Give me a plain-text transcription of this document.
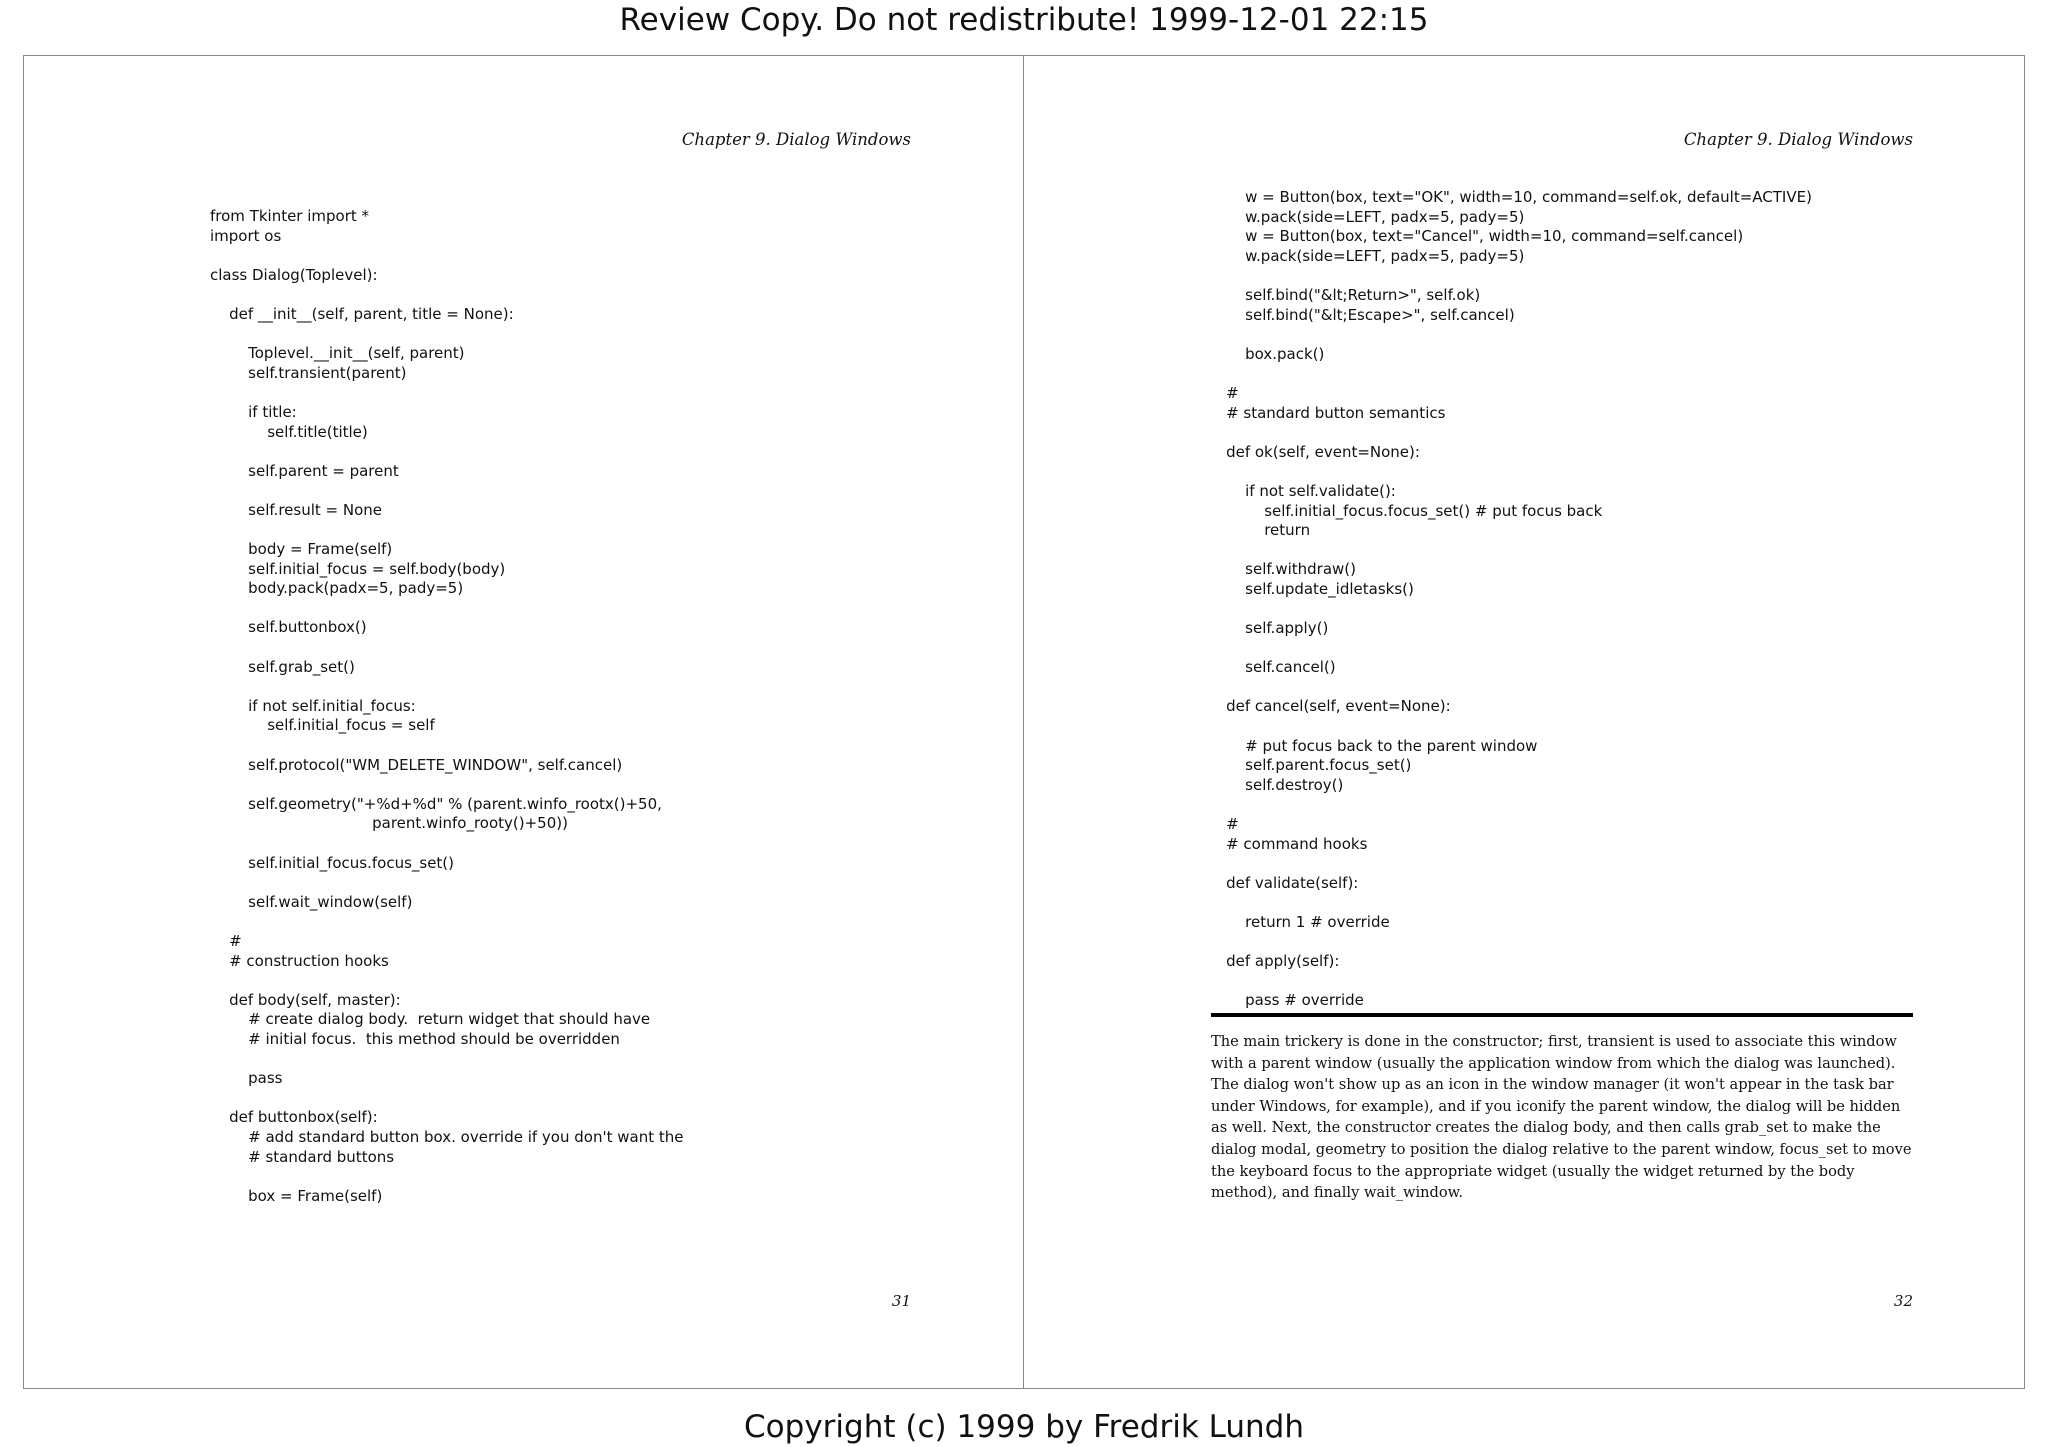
Review Copy. Do not redistribute! 1999-12-01 22:15
Chapter 9. Dialog Windows
from Tkinter import *
import os

class Dialog(Toplevel):

def __init__(self, parent, title = None):

Toplevel.__init__(self, parent)
self.transient(parent)

if title:
self.title(title)

self.parent = parent

self.result = None

body = Frame(self)
self.initial_focus = self.body(body)
body.pack(padx=5, pady=5)

self.buttonbox()

self.grab_set()

if not self.initial_focus:
self.initial_focus = self

self.protocol("WM_DELETE_WINDOW", self.cancel)

self.geometry("+%d+%d" % (parent.winfo_rootx()+50,
parent.winfo_rooty()+50))

self.initial_focus.focus_set()

self.wait_window(self)

#
# construction hooks

def body(self, master):
# create dialog body.  return widget that should have
# initial focus.  this method should be overridden

pass

def buttonbox(self):
# add standard button box. override if you don't want the
# standard buttons

box = Frame(self)
31
Chapter 9. Dialog Windows
w = Button(box, text="OK", width=10, command=self.ok, default=ACTIVE)
w.pack(side=LEFT, padx=5, pady=5)
w = Button(box, text="Cancel", width=10, command=self.cancel)
w.pack(side=LEFT, padx=5, pady=5)

self.bind("&lt;Return>", self.ok)
self.bind("&lt;Escape>", self.cancel)

box.pack()

#
# standard button semantics

def ok(self, event=None):

if not self.validate():
self.initial_focus.focus_set() # put focus back
return

self.withdraw()
self.update_idletasks()

self.apply()

self.cancel()

def cancel(self, event=None):

# put focus back to the parent window
self.parent.focus_set()
self.destroy()

#
# command hooks

def validate(self):

return 1 # override

def apply(self):

pass # override
The main trickery is done in the constructor; first, transient is used to associate this window
with a parent window (usually the application window from which the dialog was launched).
The dialog won't show up as an icon in the window manager (it won't appear in the task bar
under Windows, for example), and if you iconify the parent window, the dialog will be hidden
as well. Next, the constructor creates the dialog body, and then calls grab_set to make the
dialog modal, geometry to position the dialog relative to the parent window, focus_set to move
the keyboard focus to the appropriate widget (usually the widget returned by the body
method), and finally wait_window.
32
Copyright (c) 1999 by Fredrik Lundh
